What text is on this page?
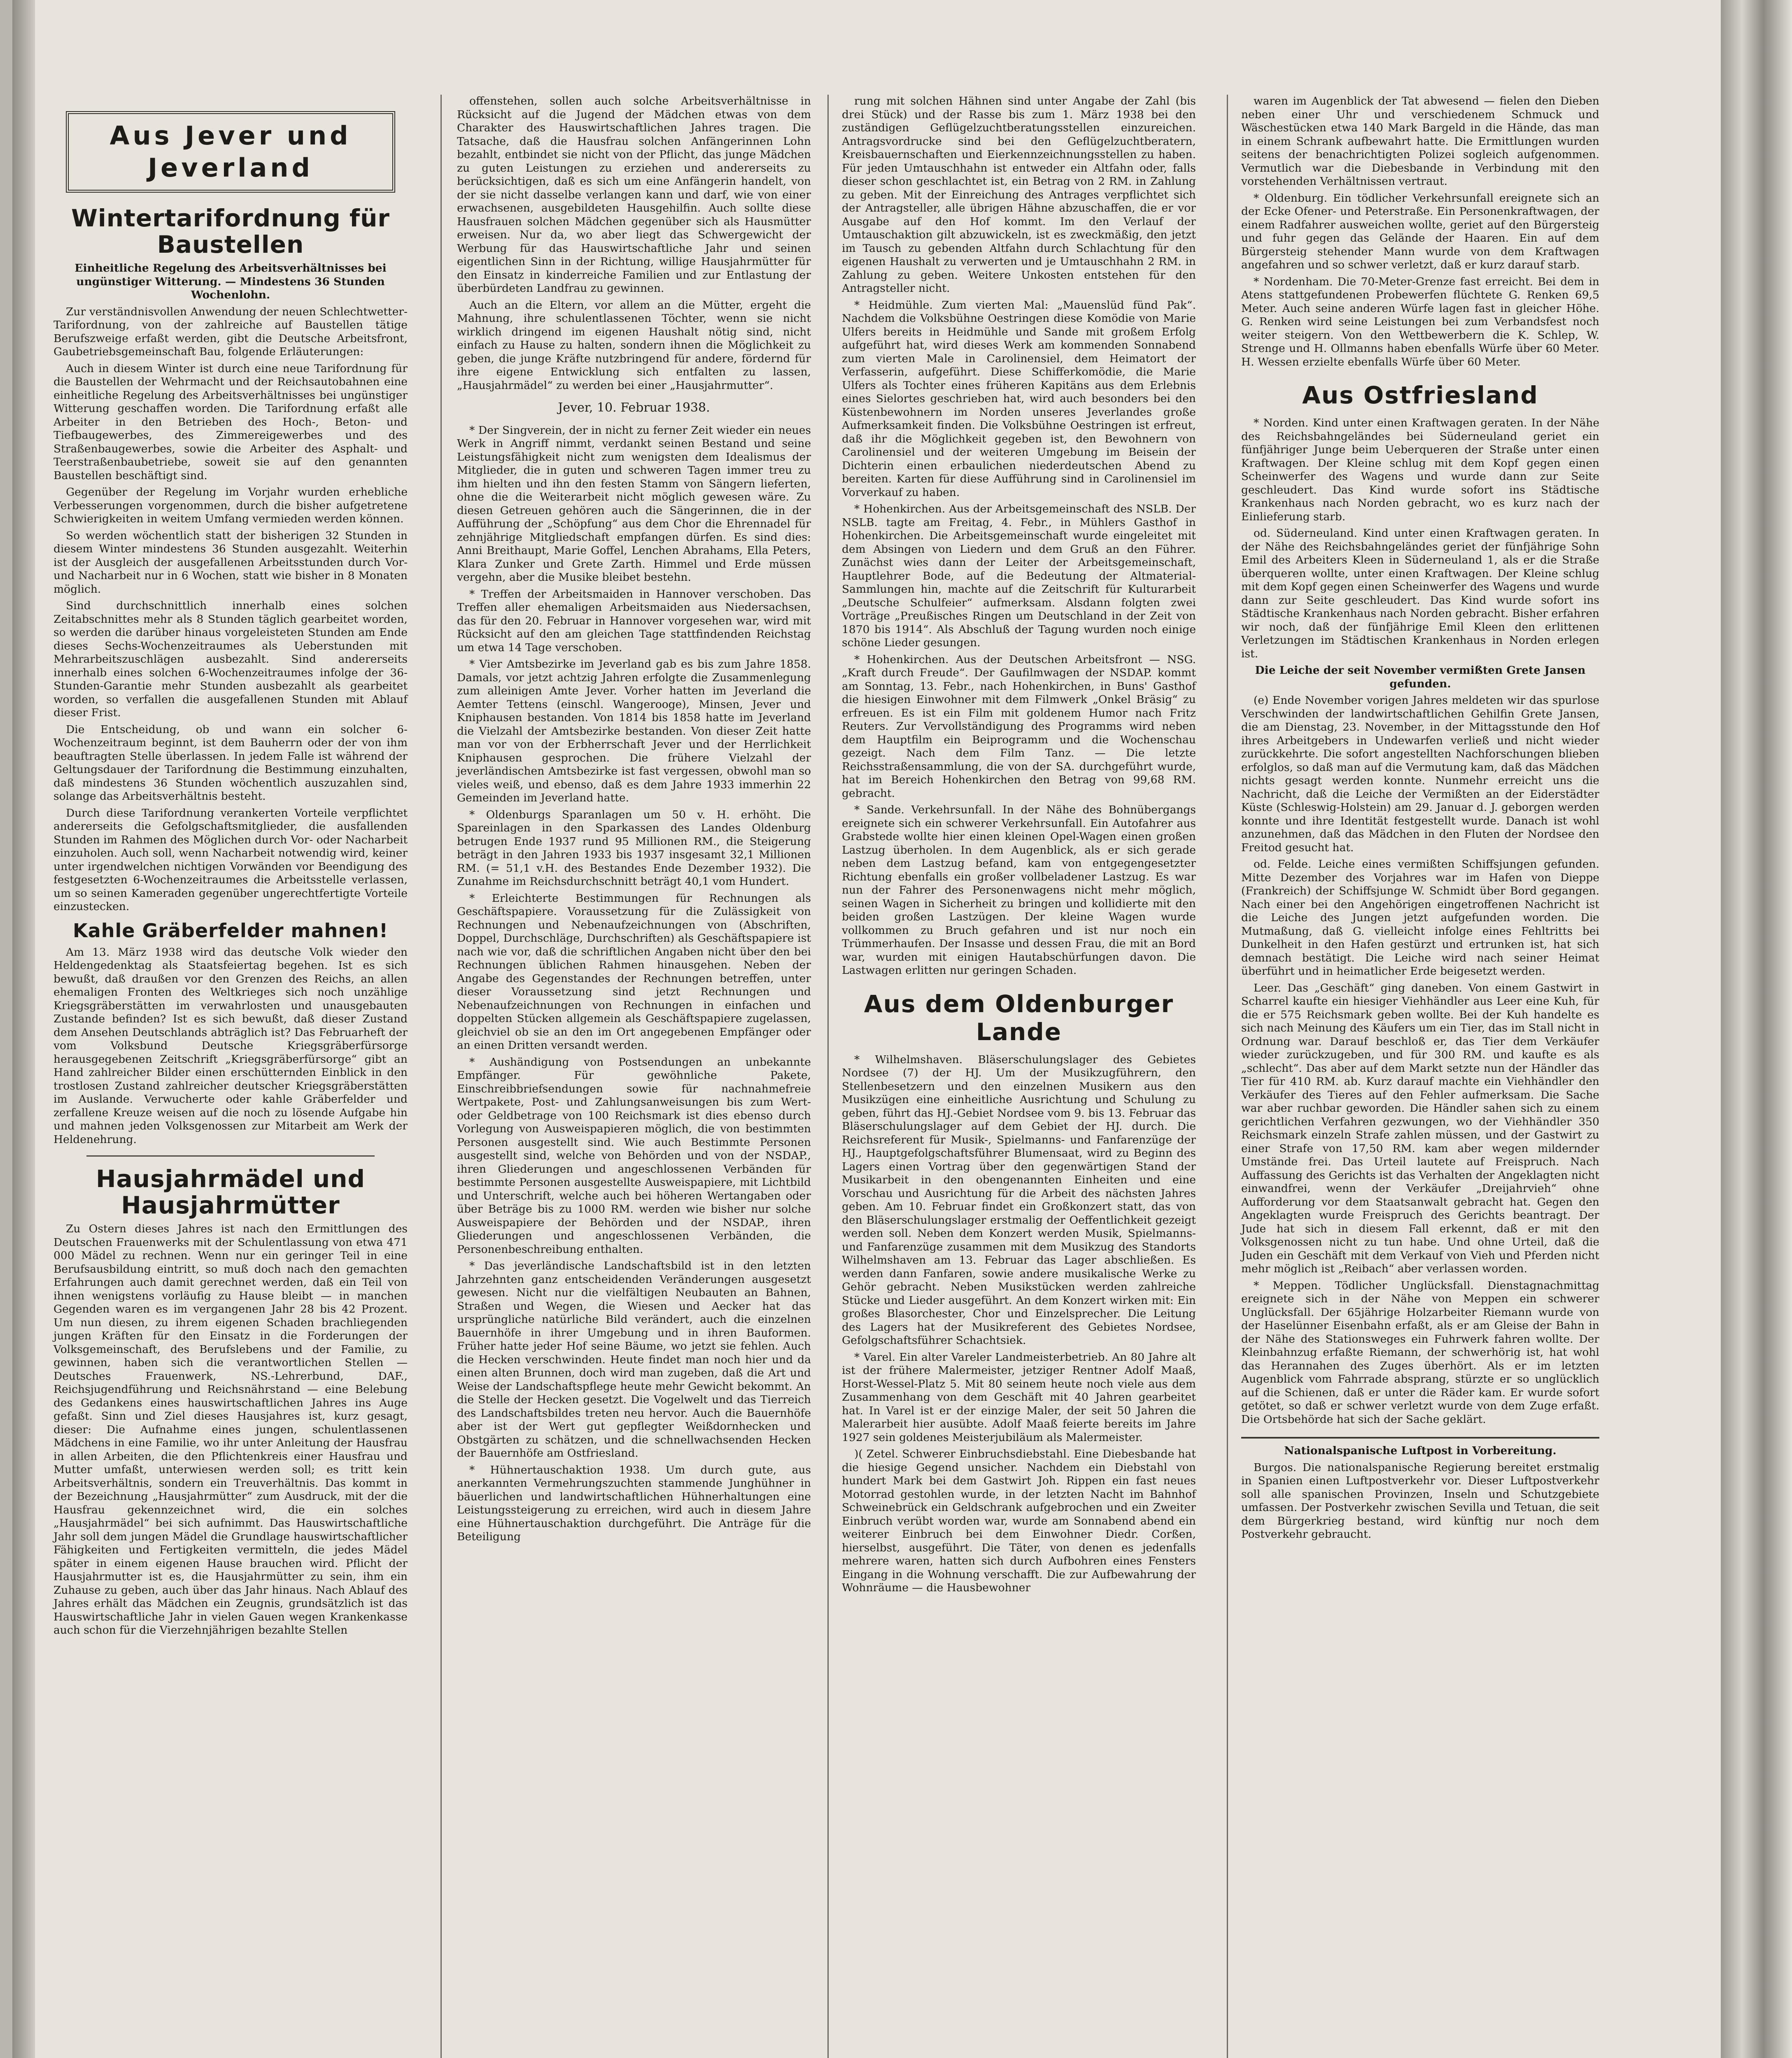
Aus Jever und Jeverland
Wintertarifordnung für Baustellen

Einheitliche Regelung des Arbeitsverhältnisses bei ungünstiger Witterung. — Mindestens 36 Stunden Wochenlohn.

Zur verständnisvollen Anwendung der neuen Schlechtwetter-Tarifordnung, von der zahlreiche auf Baustellen tätige Berufszweige erfaßt werden, gibt die Deutsche Arbeitsfront, Gaubetriebsgemeinschaft Bau, folgende Erläuterungen:

Auch in diesem Winter ist durch eine neue Tarifordnung für die Baustellen der Wehrmacht und der Reichsautobahnen eine einheitliche Regelung des Arbeitsverhältnisses bei ungünstiger Witterung geschaffen worden. Die Tarifordnung erfaßt alle Arbeiter in den Betrieben des Hoch-, Beton- und Tiefbaugewerbes, des Zimmereigewerbes und des Straßenbaugewerbes, sowie die Arbeiter des Asphalt- und Teerstraßenbaubetriebe, soweit sie auf den genannten Baustellen beschäftigt sind.

Gegenüber der Regelung im Vorjahr wurden erhebliche Verbesserungen vorgenommen, durch die bisher aufgetretene Schwierigkeiten in weitem Umfang vermieden werden können.

So werden wöchentlich statt der bisherigen 32 Stunden in diesem Winter mindestens 36 Stunden ausgezahlt. Weiterhin ist der Ausgleich der ausgefallenen Arbeitsstunden durch Vor- und Nacharbeit nur in 6 Wochen, statt wie bisher in 8 Monaten möglich.

Sind durchschnittlich innerhalb eines solchen Zeitabschnittes mehr als 8 Stunden täglich gearbeitet worden, so werden die darüber hinaus vorgeleisteten Stunden am Ende dieses Sechs-Wochenzeitraumes als Ueberstunden mit Mehrarbeitszuschlägen ausbezahlt. Sind andererseits innerhalb eines solchen 6-Wochenzeitraumes infolge der 36-Stunden-Garantie mehr Stunden ausbezahlt als gearbeitet worden, so verfallen die ausgefallenen Stunden mit Ablauf dieser Frist.

Die Entscheidung, ob und wann ein solcher 6-Wochenzeitraum beginnt, ist dem Bauherrn oder der von ihm beauftragten Stelle überlassen. In jedem Falle ist während der Geltungsdauer der Tarifordnung die Bestimmung einzuhalten, daß mindestens 36 Stunden wöchentlich auszuzahlen sind, solange das Arbeitsverhältnis besteht.

Durch diese Tarifordnung verankerten Vorteile verpflichtet andererseits die Gefolgschaftsmitglieder, die ausfallenden Stunden im Rahmen des Möglichen durch Vor- oder Nacharbeit einzuholen. Auch soll, wenn Nacharbeit notwendig wird, keiner unter irgendwelchen nichtigen Vorwänden vor Beendigung des festgesetzten 6-Wochenzeitraumes die Arbeitsstelle verlassen, um so seinen Kameraden gegenüber ungerechtfertigte Vorteile einzustecken.

Kahle Gräberfelder mahnen!

Am 13. März 1938 wird das deutsche Volk wieder den Heldengedenktag als Staatsfeiertag begehen. Ist es sich bewußt, daß draußen vor den Grenzen des Reichs, an allen ehemaligen Fronten des Weltkrieges sich noch unzählige Kriegsgräberstätten im verwahrlosten und unausgebauten Zustande befinden? Ist es sich bewußt, daß dieser Zustand dem Ansehen Deutschlands abträglich ist? Das Februarheft der vom Volksbund Deutsche Kriegsgräberfürsorge herausgegebenen Zeitschrift „Kriegsgräberfürsorge“ gibt an Hand zahlreicher Bilder einen erschütternden Einblick in den trostlosen Zustand zahlreicher deutscher Kriegsgräberstätten im Auslande. Verwucherte oder kahle Gräberfelder und zerfallene Kreuze weisen auf die noch zu lösende Aufgabe hin und mahnen jeden Volksgenossen zur Mitarbeit am Werk der Heldenehrung.

Hausjahrmädel und Hausjahrmütter

Zu Ostern dieses Jahres ist nach den Ermittlungen des Deutschen Frauenwerks mit der Schulentlassung von etwa 471 000 Mädel zu rechnen. Wenn nur ein geringer Teil in eine Berufsausbildung eintritt, so muß doch nach den gemachten Erfahrungen auch damit gerechnet werden, daß ein Teil von ihnen wenigstens vorläufig zu Hause bleibt — in manchen Gegenden waren es im vergangenen Jahr 28 bis 42 Prozent. Um nun diesen, zu ihrem eigenen Schaden brachliegenden jungen Kräften für den Einsatz in die Forderungen der Volksgemeinschaft, des Berufslebens und der Familie, zu gewinnen, haben sich die verantwortlichen Stellen — Deutsches Frauenwerk, NS.-Lehrerbund, DAF., Reichsjugendführung und Reichsnährstand — eine Belebung des Gedankens eines hauswirtschaftlichen Jahres ins Auge gefaßt. Sinn und Ziel dieses Hausjahres ist, kurz gesagt, dieser: Die Aufnahme eines jungen, schulentlassenen Mädchens in eine Familie, wo ihr unter Anleitung der Hausfrau in allen Arbeiten, die den Pflichtenkreis einer Hausfrau und Mutter umfaßt, unterwiesen werden soll; es tritt kein Arbeitsverhältnis, sondern ein Treuverhältnis. Das kommt in der Bezeichnung „Hausjahrmütter“ zum Ausdruck, mit der die Hausfrau gekennzeichnet wird, die ein solches „Hausjahrmädel“ bei sich aufnimmt. Das Hauswirtschaftliche Jahr soll dem jungen Mädel die Grundlage hauswirtschaftlicher Fähigkeiten und Fertigkeiten vermitteln, die jedes Mädel später in einem eigenen Hause brauchen wird. Pflicht der Hausjahrmutter ist es, die Hausjahrmütter zu sein, ihm ein Zuhause zu geben, auch über das Jahr hinaus. Nach Ablauf des Jahres erhält das Mädchen ein Zeugnis, grundsätzlich ist das Hauswirtschaftliche Jahr in vielen Gauen wegen Krankenkasse auch schon für die Vierzehnjährigen bezahlte Stellen

offenstehen, sollen auch solche Arbeitsverhältnisse in Rücksicht auf die Jugend der Mädchen etwas von dem Charakter des Hauswirtschaftlichen Jahres tragen. Die Tatsache, daß die Hausfrau solchen Anfängerinnen Lohn bezahlt, entbindet sie nicht von der Pflicht, das junge Mädchen zu guten Leistungen zu erziehen und andererseits zu berücksichtigen, daß es sich um eine Anfängerin handelt, von der sie nicht dasselbe verlangen kann und darf, wie von einer erwachsenen, ausgebildeten Hausgehilfin. Auch sollte diese Hausfrauen solchen Mädchen gegenüber sich als Hausmütter erweisen. Nur da, wo aber liegt das Schwergewicht der Werbung für das Hauswirtschaftliche Jahr und seinen eigentlichen Sinn in der Richtung, willige Hausjahrmütter für den Einsatz in kinderreiche Familien und zur Entlastung der überbürdeten Landfrau zu gewinnen.

Auch an die Eltern, vor allem an die Mütter, ergeht die Mahnung, ihre schulentlassenen Töchter, wenn sie nicht wirklich dringend im eigenen Haushalt nötig sind, nicht einfach zu Hause zu halten, sondern ihnen die Möglichkeit zu geben, die junge Kräfte nutzbringend für andere, fördernd für ihre eigene Entwicklung sich entfalten zu lassen, „Hausjahrmädel“ zu werden bei einer „Hausjahrmutter“.

Jever, 10. Februar 1938.

* Der Singverein, der in nicht zu ferner Zeit wieder ein neues Werk in Angriff nimmt, verdankt seinen Bestand und seine Leistungsfähigkeit nicht zum wenigsten dem Idealismus der Mitglieder, die in guten und schweren Tagen immer treu zu ihm hielten und ihn den festen Stamm von Sängern lieferten, ohne die die Weiterarbeit nicht möglich gewesen wäre. Zu diesen Getreuen gehören auch die Sängerinnen, die in der Aufführung der „Schöpfung“ aus dem Chor die Ehrennadel für zehnjährige Mitgliedschaft empfangen dürfen. Es sind dies: Anni Breithaupt, Marie Goffel, Lenchen Abrahams, Ella Peters, Klara Zunker und Grete Zarth. Himmel und Erde müssen vergehn, aber die Musike bleibet bestehn.

* Treffen der Arbeitsmaiden in Hannover verschoben. Das Treffen aller ehemaligen Arbeitsmaiden aus Niedersachsen, das für den 20. Februar in Hannover vorgesehen war, wird mit Rücksicht auf den am gleichen Tage stattfindenden Reichstag um etwa 14 Tage verschoben.

* Vier Amtsbezirke im Jeverland gab es bis zum Jahre 1858. Damals, vor jetzt achtzig Jahren erfolgte die Zusammenlegung zum alleinigen Amte Jever. Vorher hatten im Jeverland die Aemter Tettens (einschl. Wangerooge), Minsen, Jever und Kniphausen bestanden. Von 1814 bis 1858 hatte im Jeverland die Vielzahl der Amtsbezirke bestanden. Von dieser Zeit hatte man vor von der Erbherrschaft Jever und der Herrlichkeit Kniphausen gesprochen. Die frühere Vielzahl der jeverländischen Amtsbezirke ist fast vergessen, obwohl man so vieles weiß, und ebenso, daß es dem Jahre 1933 immerhin 22 Gemeinden im Jeverland hatte.

* Oldenburgs Sparanlagen um 50 v. H. erhöht. Die Spareinlagen in den Sparkassen des Landes Oldenburg betrugen Ende 1937 rund 95 Millionen RM., die Steigerung beträgt in den Jahren 1933 bis 1937 insgesamt 32,1 Millionen RM. (= 51,1 v.H. des Bestandes Ende Dezember 1932). Die Zunahme im Reichsdurchschnitt beträgt 40,1 vom Hundert.

* Erleichterte Bestimmungen für Rechnungen als Geschäftspapiere. Voraussetzung für die Zulässigkeit von Rechnungen und Nebenaufzeichnungen von (Abschriften, Doppel, Durchschläge, Durchschriften) als Geschäftspapiere ist nach wie vor, daß die schriftlichen Angaben nicht über den bei Rechnungen üblichen Rahmen hinausgehen. Neben der Angabe des Gegenstandes der Rechnungen betreffen, unter dieser Voraussetzung sind jetzt Rechnungen und Nebenaufzeichnungen von Rechnungen in einfachen und doppelten Stücken allgemein als Geschäftspapiere zugelassen, gleichviel ob sie an den im Ort angegebenen Empfänger oder an einen Dritten versandt werden.

* Aushändigung von Postsendungen an unbekannte Empfänger. Für gewöhnliche Pakete, Einschreibbriefsendungen sowie für nachnahmefreie Wertpakete, Post- und Zahlungsanweisungen bis zum Wert- oder Geldbetrage von 100 Reichsmark ist dies ebenso durch Vorlegung von Ausweispapieren möglich, die von bestimmten Personen ausgestellt sind. Wie auch Bestimmte Personen ausgestellt sind, welche von Behörden und von der NSDAP., ihren Gliederungen und angeschlossenen Verbänden für bestimmte Personen ausgestellte Ausweispapiere, mit Lichtbild und Unterschrift, welche auch bei höheren Wertangaben oder über Beträge bis zu 1000 RM. werden wie bisher nur solche Ausweispapiere der Behörden und der NSDAP., ihren Gliederungen und angeschlossenen Verbänden, die Personenbeschreibung enthalten.

* Das jeverländische Landschaftsbild ist in den letzten Jahrzehnten ganz entscheidenden Veränderungen ausgesetzt gewesen. Nicht nur die vielfältigen Neubauten an Bahnen, Straßen und Wegen, die Wiesen und Aecker hat das ursprüngliche natürliche Bild verändert, auch die einzelnen Bauernhöfe in ihrer Umgebung und in ihren Bauformen. Früher hatte jeder Hof seine Bäume, wo jetzt sie fehlen. Auch die Hecken verschwinden. Heute findet man noch hier und da einen alten Brunnen, doch wird man zugeben, daß die Art und Weise der Landschaftspflege heute mehr Gewicht bekommt. An die Stelle der Hecken gesetzt. Die Vogelwelt und das Tierreich des Landschaftsbildes treten neu hervor. Auch die Bauernhöfe aber ist der Wert gut gepflegter Weißdornhecken und Obstgärten zu schätzen, und die schnellwachsenden Hecken der Bauernhöfe am Ostfriesland.

* Hühnertauschaktion 1938. Um durch gute, aus anerkannten Vermehrungszuchten stammende Junghühner in bäuerlichen und landwirtschaftlichen Hühnerhaltungen eine Leistungssteigerung zu erreichen, wird auch in diesem Jahre eine Hühnertauschaktion durchgeführt. Die Anträge für die Beteiligung

rung mit solchen Hähnen sind unter Angabe der Zahl (bis drei Stück) und der Rasse bis zum 1. März 1938 bei den zuständigen Geflügelzuchtberatungsstellen einzureichen. Antragsvordrucke sind bei den Geflügelzuchtberatern, Kreisbauernschaften und Eierkennzeichnungsstellen zu haben. Für jeden Umtauschhahn ist entweder ein Altfahn oder, falls dieser schon geschlachtet ist, ein Betrag von 2 RM. in Zahlung zu geben. Mit der Einreichung des Antrages verpflichtet sich der Antragsteller, alle übrigen Hähne abzuschaffen, die er vor Ausgabe auf den Hof kommt. Im den Verlauf der Umtauschaktion gilt abzuwickeln, ist es zweckmäßig, den jetzt im Tausch zu gebenden Altfahn durch Schlachtung für den eigenen Haushalt zu verwerten und je Umtauschhahn 2 RM. in Zahlung zu geben. Weitere Unkosten entstehen für den Antragsteller nicht.

* Heidmühle. Zum vierten Mal: „Mauenslüd fünd Pak“. Nachdem die Volksbühne Oestringen diese Komödie von Marie Ulfers bereits in Heidmühle und Sande mit großem Erfolg aufgeführt hat, wird dieses Werk am kommenden Sonnabend zum vierten Male in Carolinensiel, dem Heimatort der Verfasserin, aufgeführt. Diese Schifferkomödie, die Marie Ulfers als Tochter eines früheren Kapitäns aus dem Erlebnis eines Sielortes geschrieben hat, wird auch besonders bei den Küstenbewohnern im Norden unseres Jeverlandes große Aufmerksamkeit finden. Die Volksbühne Oestringen ist erfreut, daß ihr die Möglichkeit gegeben ist, den Bewohnern von Carolinensiel und der weiteren Umgebung im Beisein der Dichterin einen erbaulichen niederdeutschen Abend zu bereiten. Karten für diese Aufführung sind in Carolinensiel im Vorverkauf zu haben.

* Hohenkirchen. Aus der Arbeitsgemeinschaft des NSLB. Der NSLB. tagte am Freitag, 4. Febr., in Mühlers Gasthof in Hohenkirchen. Die Arbeitsgemeinschaft wurde eingeleitet mit dem Absingen von Liedern und dem Gruß an den Führer. Zunächst wies dann der Leiter der Arbeitsgemeinschaft, Hauptlehrer Bode, auf die Bedeutung der Altmaterial-Sammlungen hin, machte auf die Zeitschrift für Kulturarbeit „Deutsche Schulfeier“ aufmerksam. Alsdann folgten zwei Vorträge „Preußisches Ringen um Deutschland in der Zeit von 1870 bis 1914“. Als Abschluß der Tagung wurden noch einige schöne Lieder gesungen.

* Hohenkirchen. Aus der Deutschen Arbeitsfront — NSG. „Kraft durch Freude“. Der Gaufilmwagen der NSDAP. kommt am Sonntag, 13. Febr., nach Hohenkirchen, in Buns' Gasthof die hiesigen Einwohner mit dem Filmwerk „Onkel Bräsig“ zu erfreuen. Es ist ein Film mit goldenem Humor nach Fritz Reuters. Zur Vervollständigung des Programms wird neben dem Hauptfilm ein Beiprogramm und die Wochenschau gezeigt. Nach dem Film Tanz. — Die letzte Reichsstraßensammlung, die von der SA. durchgeführt wurde, hat im Bereich Hohenkirchen den Betrag von 99,68 RM. gebracht.

* Sande. Verkehrsunfall. In der Nähe des Bohnübergangs ereignete sich ein schwerer Verkehrsunfall. Ein Autofahrer aus Grabstede wollte hier einen kleinen Opel-Wagen einen großen Lastzug überholen. In dem Augenblick, als er sich gerade neben dem Lastzug befand, kam von entgegengesetzter Richtung ebenfalls ein großer vollbeladener Lastzug. Es war nun der Fahrer des Personenwagens nicht mehr möglich, seinen Wagen in Sicherheit zu bringen und kollidierte mit den beiden großen Lastzügen. Der kleine Wagen wurde vollkommen zu Bruch gefahren und ist nur noch ein Trümmerhaufen. Der Insasse und dessen Frau, die mit an Bord war, wurden mit einigen Hautabschürfungen davon. Die Lastwagen erlitten nur geringen Schaden.

Aus dem Oldenburger Lande

* Wilhelmshaven. Bläserschulungslager des Gebietes Nordsee (7) der HJ. Um der Musikzugführern, den Stellenbesetzern und den einzelnen Musikern aus den Musikzügen eine einheitliche Ausrichtung und Schulung zu geben, führt das HJ.-Gebiet Nordsee vom 9. bis 13. Februar das Bläserschulungslager auf dem Gebiet der HJ. durch. Die Reichsreferent für Musik-, Spielmanns- und Fanfarenzüge der HJ., Hauptgefolgschaftsführer Blumensaat, wird zu Beginn des Lagers einen Vortrag über den gegenwärtigen Stand der Musikarbeit in den obengenannten Einheiten und eine Vorschau und Ausrichtung für die Arbeit des nächsten Jahres geben. Am 10. Februar findet ein Großkonzert statt, das von den Bläserschulungslager erstmalig der Oeffentlichkeit gezeigt werden soll. Neben dem Konzert werden Musik, Spielmanns- und Fanfarenzüge zusammen mit dem Musikzug des Standorts Wilhelmshaven am 13. Februar das Lager abschließen. Es werden dann Fanfaren, sowie andere musikalische Werke zu Gehör gebracht. Neben Musikstücken werden zahlreiche Stücke und Lieder ausgeführt. An dem Konzert wirken mit: Ein großes Blasorchester, Chor und Einzelsprecher. Die Leitung des Lagers hat der Musikreferent des Gebietes Nordsee, Gefolgschaftsführer Schachtsiek.

* Varel. Ein alter Vareler Landmeisterbetrieb. An 80 Jahre alt ist der frühere Malermeister, jetziger Rentner Adolf Maaß, Horst-Wessel-Platz 5. Mit 80 seinem heute noch viele aus dem Zusammenhang von dem Geschäft mit 40 Jahren gearbeitet hat. In Varel ist er der einzige Maler, der seit 50 Jahren die Malerarbeit hier ausübte. Adolf Maaß feierte bereits im Jahre 1927 sein goldenes Meisterjubiläum als Malermeister.

)( Zetel. Schwerer Einbruchsdiebstahl. Eine Diebesbande hat die hiesige Gegend unsicher. Nachdem ein Diebstahl von hundert Mark bei dem Gastwirt Joh. Rippen ein fast neues Motorrad gestohlen wurde, in der letzten Nacht im Bahnhof Schweinebrück ein Geldschrank aufgebrochen und ein Zweiter Einbruch verübt worden war, wurde am Sonnabend abend ein weiterer Einbruch bei dem Einwohner Diedr. Corßen, hierselbst, ausgeführt. Die Täter, von denen es jedenfalls mehrere waren, hatten sich durch Aufbohren eines Fensters Eingang in die Wohnung verschafft. Die zur Aufbewahrung der Wohnräume — die Hausbewohner

waren im Augenblick der Tat abwesend — fielen den Dieben neben einer Uhr und verschiedenem Schmuck und Wäschestücken etwa 140 Mark Bargeld in die Hände, das man in einem Schrank aufbewahrt hatte. Die Ermittlungen wurden seitens der benachrichtigten Polizei sogleich aufgenommen. Vermutlich war die Diebesbande in Verbindung mit den vorstehenden Verhältnissen vertraut.

* Oldenburg. Ein tödlicher Verkehrsunfall ereignete sich an der Ecke Ofener- und Peterstraße. Ein Personenkraftwagen, der einem Radfahrer ausweichen wollte, geriet auf den Bürgersteig und fuhr gegen das Gelände der Haaren. Ein auf dem Bürgersteig stehender Mann wurde von dem Kraftwagen angefahren und so schwer verletzt, daß er kurz darauf starb.

* Nordenham. Die 70-Meter-Grenze fast erreicht. Bei dem in Atens stattgefundenen Probewerfen flüchtete G. Renken 69,5 Meter. Auch seine anderen Würfe lagen fast in gleicher Höhe. G. Renken wird seine Leistungen bei zum Verbandsfest noch weiter steigern. Von den Wettbewerbern die K. Schlep, W. Strenge und H. Ollmanns haben ebenfalls Würfe über 60 Meter. H. Wessen erzielte ebenfalls Würfe über 60 Meter.

Aus Ostfriesland

* Norden. Kind unter einen Kraftwagen geraten. In der Nähe des Reichsbahngeländes bei Süderneuland geriet ein fünfjähriger Junge beim Ueberqueren der Straße unter einen Kraftwagen. Der Kleine schlug mit dem Kopf gegen einen Scheinwerfer des Wagens und wurde dann zur Seite geschleudert. Das Kind wurde sofort ins Städtische Krankenhaus nach Norden gebracht, wo es kurz nach der Einlieferung starb.

od. Süderneuland. Kind unter einen Kraftwagen geraten. In der Nähe des Reichsbahngeländes geriet der fünfjährige Sohn Emil des Arbeiters Kleen in Süderneuland 1, als er die Straße überqueren wollte, unter einen Kraftwagen. Der Kleine schlug mit dem Kopf gegen einen Scheinwerfer des Wagens und wurde dann zur Seite geschleudert. Das Kind wurde sofort ins Städtische Krankenhaus nach Norden gebracht. Bisher erfahren wir noch, daß der fünfjährige Emil Kleen den erlittenen Verletzungen im Städtischen Krankenhaus in Norden erlegen ist.

Die Leiche der seit November vermißten Grete Jansen gefunden.

(e) Ende November vorigen Jahres meldeten wir das spurlose Verschwinden der landwirtschaftlichen Gehilfin Grete Jansen, die am Dienstag, 23. November, in der Mittagsstunde den Hof ihres Arbeitgebers in Undewarfen verließ und nicht wieder zurückkehrte. Die sofort angestellten Nachforschungen blieben erfolglos, so daß man auf die Vermutung kam, daß das Mädchen nichts gesagt werden konnte. Nunmehr erreicht uns die Nachricht, daß die Leiche der Vermißten an der Eiderstädter Küste (Schleswig-Holstein) am 29. Januar d. J. geborgen werden konnte und ihre Identität festgestellt wurde. Danach ist wohl anzunehmen, daß das Mädchen in den Fluten der Nordsee den Freitod gesucht hat.

od. Felde. Leiche eines vermißten Schiffsjungen gefunden. Mitte Dezember des Vorjahres war im Hafen von Dieppe (Frankreich) der Schiffsjunge W. Schmidt über Bord gegangen. Nach einer bei den Angehörigen eingetroffenen Nachricht ist die Leiche des Jungen jetzt aufgefunden worden. Die Mutmaßung, daß G. vielleicht infolge eines Fehltritts bei Dunkelheit in den Hafen gestürzt und ertrunken ist, hat sich demnach bestätigt. Die Leiche wird nach seiner Heimat überführt und in heimatlicher Erde beigesetzt werden.

Leer. Das „Geschäft“ ging daneben. Von einem Gastwirt in Scharrel kaufte ein hiesiger Viehhändler aus Leer eine Kuh, für die er 575 Reichsmark geben wollte. Bei der Kuh handelte es sich nach Meinung des Käufers um ein Tier, das im Stall nicht in Ordnung war. Darauf beschloß er, das Tier dem Verkäufer wieder zurückzugeben, und für 300 RM. und kaufte es als „schlecht“. Das aber auf dem Markt setzte nun der Händler das Tier für 410 RM. ab. Kurz darauf machte ein Viehhändler den Verkäufer des Tieres auf den Fehler aufmerksam. Die Sache war aber ruchbar geworden. Die Händler sahen sich zu einem gerichtlichen Verfahren gezwungen, wo der Viehhändler 350 Reichsmark einzeln Strafe zahlen müssen, und der Gastwirt zu einer Strafe von 17,50 RM. kam aber wegen mildernder Umstände frei. Das Urteil lautete auf Freispruch. Nach Auffassung des Gerichts ist das Verhalten der Angeklagten nicht einwandfrei, wenn der Verkäufer „Dreijahrvieh“ ohne Aufforderung vor dem Staatsanwalt gebracht hat. Gegen den Angeklagten wurde Freispruch des Gerichts beantragt. Der Jude hat sich in diesem Fall erkennt, daß er mit den Volksgenossen nicht zu tun habe. Und ohne Urteil, daß die Juden ein Geschäft mit dem Verkauf von Vieh und Pferden nicht mehr möglich ist „Reibach“ aber verlassen worden.

* Meppen. Tödlicher Unglücksfall. Dienstagnachmittag ereignete sich in der Nähe von Meppen ein schwerer Unglücksfall. Der 65jährige Holzarbeiter Riemann wurde von der Haselünner Eisenbahn erfaßt, als er am Gleise der Bahn in der Nähe des Stationsweges ein Fuhrwerk fahren wollte. Der Kleinbahnzug erfaßte Riemann, der schwerhörig ist, hat wohl das Herannahen des Zuges überhört. Als er im letzten Augenblick vom Fahrrade absprang, stürzte er so unglücklich auf die Schienen, daß er unter die Räder kam. Er wurde sofort getötet, so daß er schwer verletzt wurde von dem Zuge erfaßt. Die Ortsbehörde hat sich der Sache geklärt.

Nationalspanische Luftpost in Vorbereitung.

Burgos. Die nationalspanische Regierung bereitet erstmalig in Spanien einen Luftpostverkehr vor. Dieser Luftpostverkehr soll alle spanischen Provinzen, Inseln und Schutzgebiete umfassen. Der Postverkehr zwischen Sevilla und Tetuan, die seit dem Bürgerkrieg bestand, wird künftig nur noch dem Postverkehr gebraucht.
